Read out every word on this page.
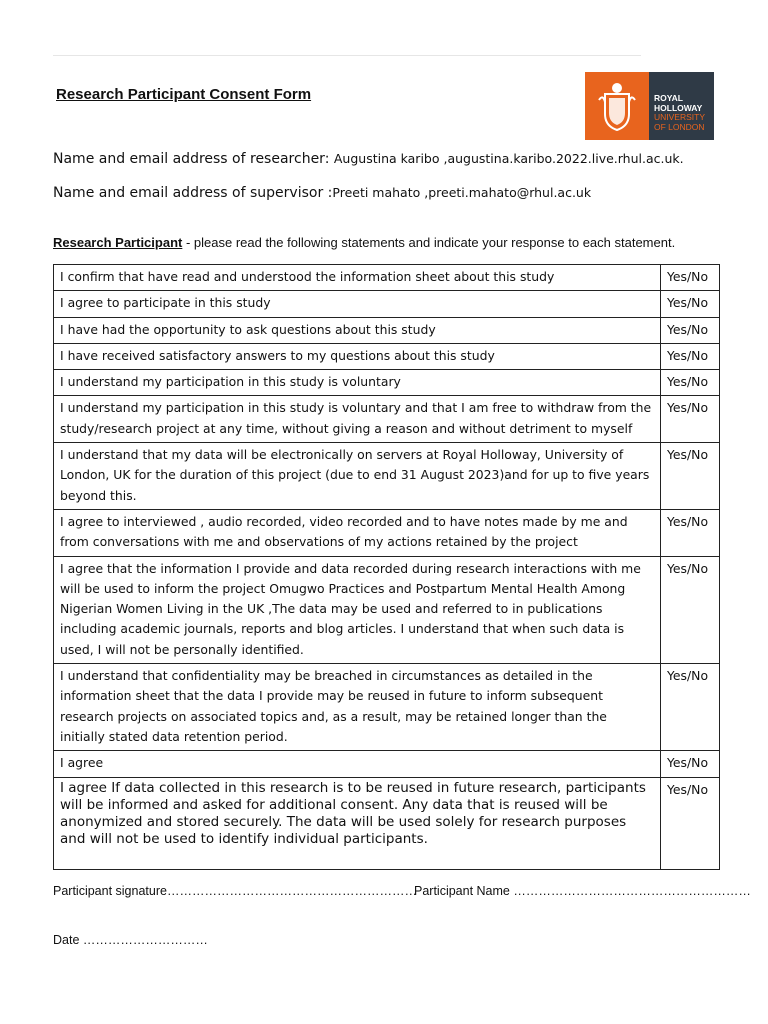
Research Participant Consent Form	ROYAL
HOLLOWAY
UNIVERSITY
OF LONDON
Name and email address of researcher: Augustina karibo ,augustina.karibo.2022.live.rhul.ac.uk.
Name and email address of supervisor :Preeti mahato ,preeti.mahato@rhul.ac.uk
Research Participant - please read the following statements and indicate your response to each statement.
I confirm that have read and understood the information sheet about this study	Yes/No
I agree to participate in this study	Yes/No
I have had the opportunity to ask questions about this study	Yes/No
I have received satisfactory answers to my questions about this study	Yes/No
I understand my participation in this study is voluntary	Yes/No
I understand my participation in this study is voluntary and that I am free to withdraw from the study/research project at any time, without giving a reason and without detriment to myself	Yes/No
I understand that my data will be electronically on servers at Royal Holloway, University of London, UK for the duration of this project (due to end 31 August 2023)and for up to five years beyond this.	Yes/No
I agree to interviewed , audio recorded, video recorded and to have notes made by me and from conversations with me and observations of my actions retained by the project	Yes/No
I agree that the information I provide and data recorded during research interactions with me will be used to inform the project Omugwo Practices and Postpartum Mental Health Among Nigerian Women Living in the UK ,The data may be used and referred to in publications including academic journals, reports and blog articles. I understand that when such data is used, I will not be personally identified.	Yes/No
I understand that confidentiality may be breached in circumstances as detailed in the information sheet that the data I provide may be reused in future to inform subsequent research projects on associated topics and, as a result, may be retained longer than the initially stated data retention period.	Yes/No
I agree	Yes/No
I agree If data collected in this research is to be reused in future research, participants will be informed and asked for additional consent. Any data that is reused will be anonymized and stored securely. The data will be used solely for research purposes and will not be used to identify individual participants.	Yes/No
Participant signature……………………………………………………
Participant Name …………………………………………………
Date …………………………
